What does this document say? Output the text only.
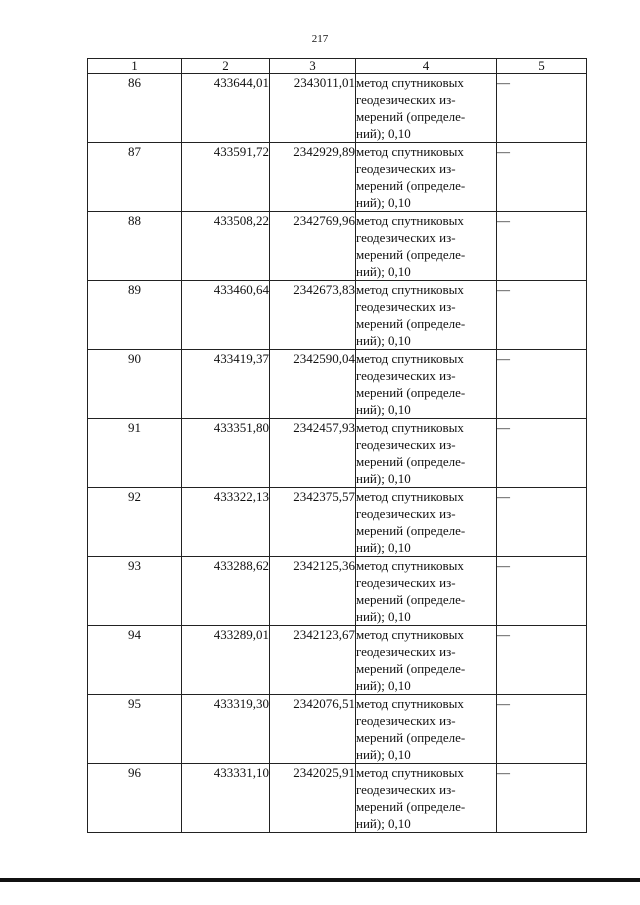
217
1	2	3	4	5
86	433644,01	2343011,01	метод спутниковых
геодезических из-
мерений (определе-
ний); 0,10	—
87	433591,72	2342929,89	метод спутниковых
геодезических из-
мерений (определе-
ний); 0,10	—
88	433508,22	2342769,96	метод спутниковых
геодезических из-
мерений (определе-
ний); 0,10	—
89	433460,64	2342673,83	метод спутниковых
геодезических из-
мерений (определе-
ний); 0,10	—
90	433419,37	2342590,04	метод спутниковых
геодезических из-
мерений (определе-
ний); 0,10	—
91	433351,80	2342457,93	метод спутниковых
геодезических из-
мерений (определе-
ний); 0,10	—
92	433322,13	2342375,57	метод спутниковых
геодезических из-
мерений (определе-
ний); 0,10	—
93	433288,62	2342125,36	метод спутниковых
геодезических из-
мерений (определе-
ний); 0,10	—
94	433289,01	2342123,67	метод спутниковых
геодезических из-
мерений (определе-
ний); 0,10	—
95	433319,30	2342076,51	метод спутниковых
геодезических из-
мерений (определе-
ний); 0,10	—
96	433331,10	2342025,91	метод спутниковых
геодезических из-
мерений (определе-
ний); 0,10	—
